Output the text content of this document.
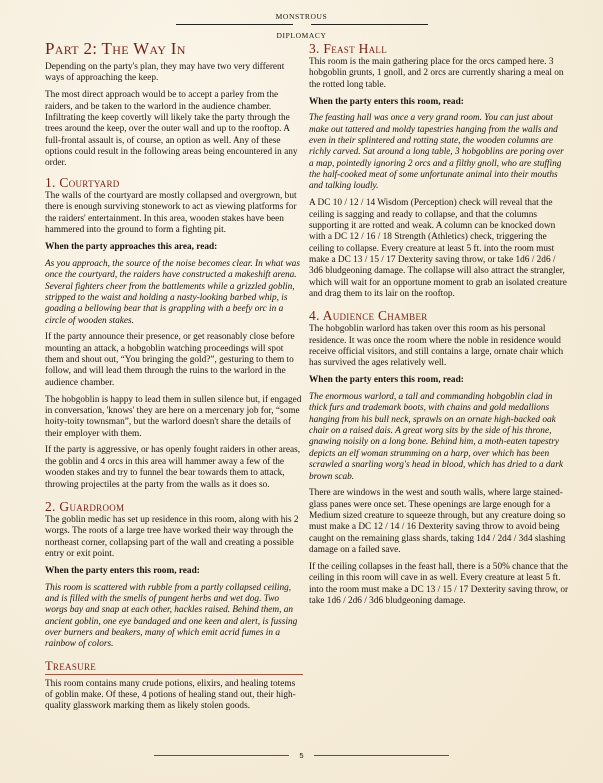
MONSTROUS
DIPLOMACY
Part 2: The Way In

Depending on the party's plan, they may have two very different ways of approaching the keep.

The most direct approach would be to accept a parley from the raiders, and be taken to the warlord in the audience chamber. Infiltrating the keep covertly will likely take the party through the trees around the keep, over the outer wall and up to the rooftop. A full-frontal assault is, of course, an option as well. Any of these options could result in the following areas being encountered in any order.

1. Courtyard

The walls of the courtyard are mostly collapsed and overgrown, but there is enough surviving stonework to act as viewing platforms for the raiders' entertainment. In this area, wooden stakes have been hammered into the ground to form a fighting pit.

When the party approaches this area, read:

As you approach, the source of the noise becomes clear. In what was once the courtyard, the raiders have constructed a makeshift arena. Several fighters cheer from the battlements while a grizzled goblin, stripped to the waist and holding a nasty-looking barbed whip, is goading a bellowing bear that is grappling with a beefy orc in a circle of wooden stakes.

If the party announce their presence, or get reasonably close before mounting an attack, a hobgoblin watching proceedings will spot them and shout out, “You bringing the gold?”, gesturing to them to follow, and will lead them through the ruins to the warlord in the audience chamber.

The hobgoblin is happy to lead them in sullen silence but, if engaged in conversation, 'knows' they are here on a mercenary job for, “some hoity-toity townsman”, but the warlord doesn't share the details of their employer with them.

If the party is aggressive, or has openly fought raiders in other areas, the goblin and 4 orcs in this area will hammer away a few of the wooden stakes and try to funnel the bear towards them to attack, throwing projectiles at the party from the walls as it does so.

2. Guardroom

The goblin medic has set up residence in this room, along with his 2 worgs. The roots of a large tree have worked their way through the northeast corner, collapsing part of the wall and creating a possible entry or exit point.

When the party enters this room, read:

This room is scattered with rubble from a partly collapsed ceiling, and is filled with the smells of pungent herbs and wet dog. Two worgs bay and snap at each other, hackles raised. Behind them, an ancient goblin, one eye bandaged and one keen and alert, is fussing over burners and beakers, many of which emit acrid fumes in a rainbow of colors.

Treasure

This room contains many crude potions, elixirs, and healing totems of goblin make. Of these, 4 potions of healing stand out, their high-quality glasswork marking them as likely stolen goods.

3. Feast Hall

This room is the main gathering place for the orcs camped here. 3 hobgoblin grunts, 1 gnoll, and 2 orcs are currently sharing a meal on the rotted long table.

When the party enters this room, read:

The feasting hall was once a very grand room. You can just about make out tattered and moldy tapestries hanging from the walls and even in their splintered and rotting state, the wooden columns are richly carved. Sat around a long table, 3 hobgoblins are poring over a map, pointedly ignoring 2 orcs and a filthy gnoll, who are stuffing the half-cooked meat of some unfortunate animal into their mouths and talking loudly.

A DC 10 / 12 / 14 Wisdom (Perception) check will reveal that the ceiling is sagging and ready to collapse, and that the columns supporting it are rotted and weak. A column can be knocked down with a DC 12 / 16 / 18 Strength (Athletics) check, triggering the ceiling to collapse. Every creature at least 5 ft. into the room must make a DC 13 / 15 / 17 Dexterity saving throw, or take 1d6 / 2d6 / 3d6 bludgeoning damage. The collapse will also attract the strangler, which will wait for an opportune moment to grab an isolated creature and drag them to its lair on the rooftop.

4. Audience Chamber

The hobgoblin warlord has taken over this room as his personal residence. It was once the room where the noble in residence would receive official visitors, and still contains a large, ornate chair which has survived the ages relatively well.

When the party enters this room, read:

The enormous warlord, a tall and commanding hobgoblin clad in thick furs and trademark boots, with chains and gold medallions hanging from his bull neck, sprawls on an ornate high-backed oak chair on a raised dais. A great worg sits by the side of his throne, gnawing noisily on a long bone. Behind him, a moth-eaten tapestry depicts an elf woman strumming on a harp, over which has been scrawled a snarling worg's head in blood, which has dried to a dark brown scab.

There are windows in the west and south walls, where large stained-glass panes were once set. These openings are large enough for a Medium sized creature to squeeze through, but any creature doing so must make a DC 12 / 14 / 16 Dexterity saving throw to avoid being caught on the remaining glass shards, taking 1d4 / 2d4 / 3d4 slashing damage on a failed save.

If the ceiling collapses in the feast hall, there is a 50% chance that the ceiling in this room will cave in as well. Every creature at least 5 ft. into the room must make a DC 13 / 15 / 17 Dexterity saving throw, or take 1d6 / 2d6 / 3d6 bludgeoning damage.

5
